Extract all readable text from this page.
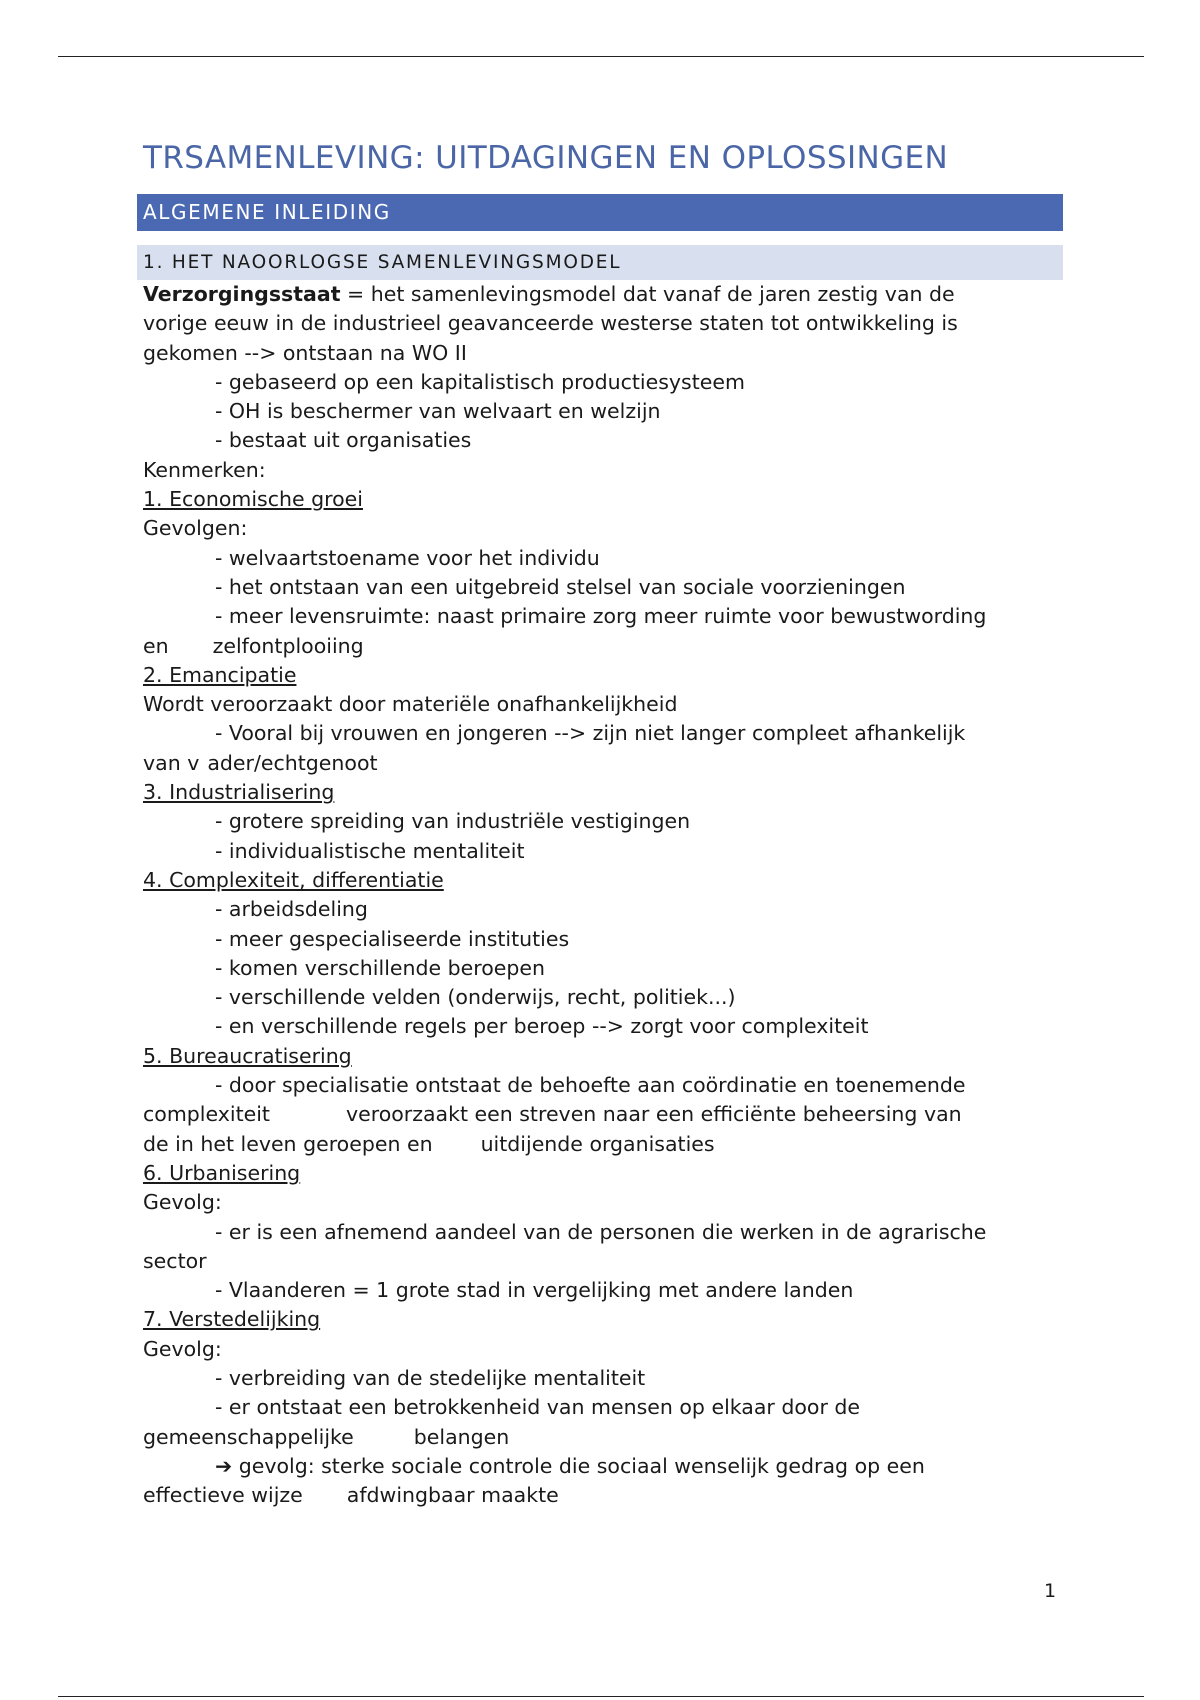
TRSAMENLEVING: UITDAGINGEN EN OPLOSSINGEN
ALGEMENE INLEIDING
1. HET NAOORLOGSE SAMENLEVINGSMODEL
Verzorgingsstaat = het samenlevingsmodel dat vanaf de jaren zestig van de
vorige eeuw in de industrieel geavanceerde westerse staten tot ontwikkeling is
gekomen --> ontstaan na WO II
- gebaseerd op een kapitalistisch productiesysteem
- OH is beschermer van welvaart en welzijn
- bestaat uit organisaties
Kenmerken:
1. Economische groei
Gevolgen:
- welvaartstoename voor het individu
- het ontstaan van een uitgebreid stelsel van sociale voorzieningen
- meer levensruimte: naast primaire zorg meer ruimte voor bewustwording
en zelfontplooiing
2. Emancipatie
Wordt veroorzaakt door materiële onafhankelijkheid
- Vooral bij vrouwen en jongeren --> zijn niet langer compleet afhankelijk
van v ader/echtgenoot
3. Industrialisering
- grotere spreiding van industriële vestigingen
- individualistische mentaliteit
4. Complexiteit, differentiatie
- arbeidsdeling
- meer gespecialiseerde instituties
- komen verschillende beroepen
- verschillende velden (onderwijs, recht, politiek...)
- en verschillende regels per beroep --> zorgt voor complexiteit
5. Bureaucratisering
- door specialisatie ontstaat de behoefte aan coördinatie en toenemende
complexiteit	veroorzaakt een streven naar een efficiënte beheersing van
de in het leven geroepen en uitdijende organisaties
6. Urbanisering
Gevolg:
- er is een afnemend aandeel van de personen die werken in de agrarische
sector
- Vlaanderen = 1 grote stad in vergelijking met andere landen
7. Verstedelijking
Gevolg:
- verbreiding van de stedelijke mentaliteit
- er ontstaat een betrokkenheid van mensen op elkaar door de
gemeenschappelijke	belangen
➔ gevolg: sterke sociale controle die sociaal wenselijk gedrag op een
effectieve wijze afdwingbaar maakte
1
